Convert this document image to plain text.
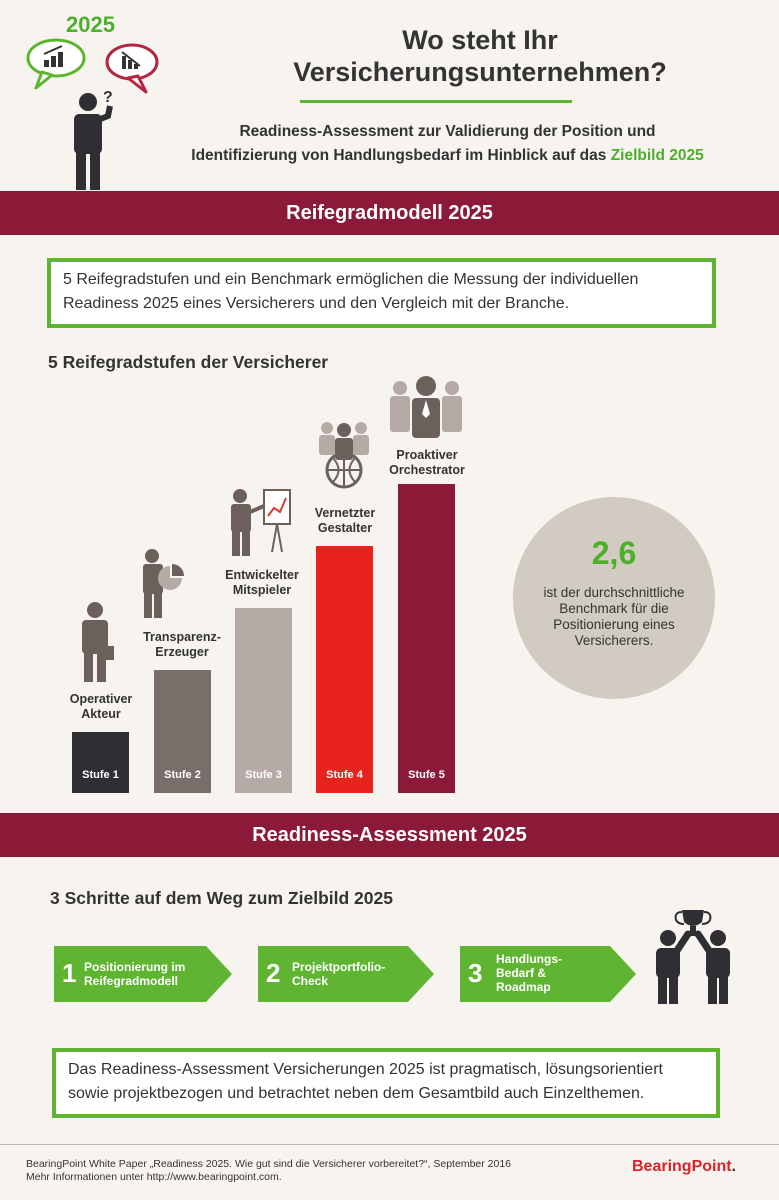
2025
?
Wo steht Ihr
Versicherungsunternehmen?
Readiness-Assessment zur Validierung der Position und
Identifizierung von Handlungsbedarf im Hinblick auf das Zielbild 2025
Reifegradmodell 2025
5 Reifegradstufen und ein Benchmark ermöglichen die Messung der individuellen
Readiness 2025 eines Versicherers und den Vergleich mit der Branche.
5 Reifegradstufen der Versicherer
Stufe 1	Stufe 2	Stufe 3	Stufe 4	Stufe 5
Operativer
Akteur
Transparenz-
Erzeuger
Entwickelter
Mitspieler
Vernetzter
Gestalter
Proaktiver
Orchestrator
2,6
ist der durchschnittliche
Benchmark für die
Positionierung eines
Versicherers.
Readiness-Assessment 2025
3 Schritte auf dem Weg zum Zielbild 2025
1 Positionierung im
Reifegradmodell	2 Projektportfolio-
Check	3 Handlungs-
Bedarf &
Roadmap
Das Readiness-Assessment Versicherungen 2025 ist pragmatisch, lösungsorientiert
sowie projektbezogen und betrachtet neben dem Gesamtbild auch Einzelthemen.
BearingPoint White Paper „Readiness 2025. Wie gut sind die Versicherer vorbereitet?“, September 2016
Mehr Informationen unter http://www.bearingpoint.com.
BearingPoint.
